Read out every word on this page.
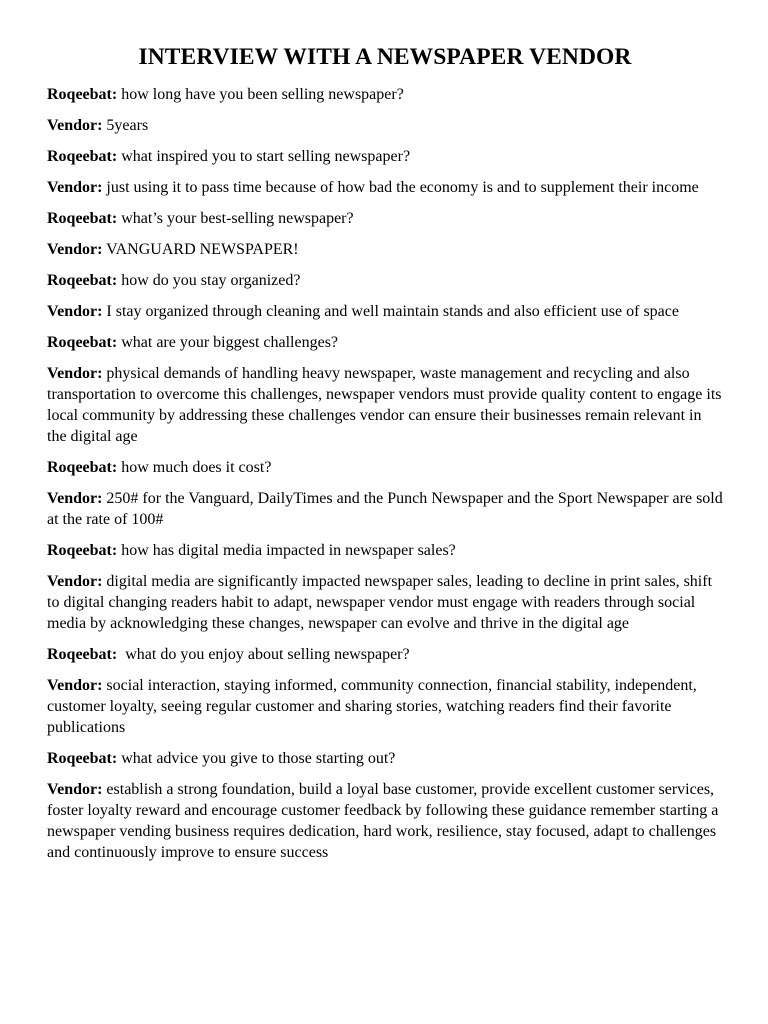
INTERVIEW WITH A NEWSPAPER VENDOR

Roqeebat: how long have you been selling newspaper?

Vendor: 5years

Roqeebat: what inspired you to start selling newspaper?

Vendor: just using it to pass time because of how bad the economy is and to supplement their income

Roqeebat: what’s your best-selling newspaper?

Vendor: VANGUARD NEWSPAPER!

Roqeebat: how do you stay organized?

Vendor: I stay organized through cleaning and well maintain stands and also efficient use of space

Roqeebat: what are your biggest challenges?

Vendor: physical demands of handling heavy newspaper, waste management and recycling and also transportation to overcome this challenges, newspaper vendors must provide quality content to engage its local community by addressing these challenges vendor can ensure their businesses remain relevant in the digital age

Roqeebat: how much does it cost?

Vendor: 250# for the Vanguard, DailyTimes and the Punch Newspaper and the Sport Newspaper are sold at the rate of 100#

Roqeebat: how has digital media impacted in newspaper sales?

Vendor: digital media are significantly impacted newspaper sales, leading to decline in print sales, shift to digital changing readers habit to adapt, newspaper vendor must engage with readers through social media by acknowledging these changes, newspaper can evolve and thrive in the digital age

Roqeebat:  what do you enjoy about selling newspaper?

Vendor: social interaction, staying informed, community connection, financial stability, independent, customer loyalty, seeing regular customer and sharing stories, watching readers find their favorite publications

Roqeebat: what advice you give to those starting out?

Vendor: establish a strong foundation, build a loyal base customer, provide excellent customer services, foster loyalty reward and encourage customer feedback by following these guidance remember starting a newspaper vending business requires dedication, hard work, resilience, stay focused, adapt to challenges and continuously improve to ensure success
